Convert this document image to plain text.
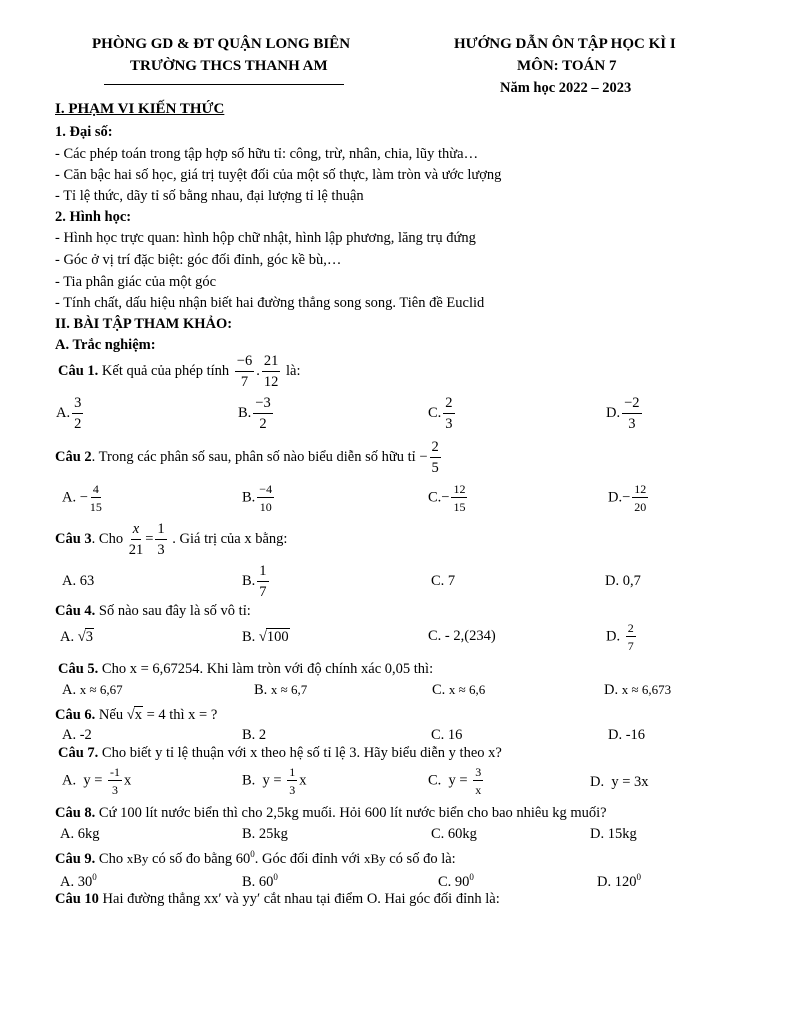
PHÒNG GD & ĐT QUẬN LONG BIÊN
TRƯỜNG THCS THANH AM
HƯỚNG DẪN ÔN TẬP HỌC KÌ I
MÔN: TOÁN 7
Năm học 2022 – 2023
I. PHẠM VI KIẾN THỨC
1. Đại số:
- Các phép toán trong tập hợp số hữu tỉ: công, trừ, nhân, chia, lũy thừa…
- Căn bậc hai số học, giá trị tuyệt đối của một số thực, làm tròn và ước lượng
- Tỉ lệ thức, dãy tỉ số bằng nhau, đại lượng tỉ lệ thuận
2. Hình học:
- Hình học trực quan: hình hộp chữ nhật, hình lập phương, lăng trụ đứng
- Góc ở vị trí đặc biệt: góc đối đỉnh, góc kề bù,…
- Tia phân giác của một góc
- Tính chất, dấu hiệu nhận biết hai đường thẳng song song. Tiên đề Euclid
II. BÀI TẬP THAM KHẢO:
A. Trắc nghiệm:
Câu 1. Kết quả của phép tính $\frac{-6}{7}$ . $\frac{21}{12}$ là:
A. $\frac{3}{2}$	B. $\frac{-3}{2}$	C. $\frac{2}{3}$	D. $\frac{-2}{3}$
Câu 2. Trong các phân số sau, phân số nào biểu diễn số hữu tỉ − $\frac{2}{5}$
A. − $\frac{4}{15}$	B. $\frac{-4}{10}$	$C.- \frac{12}{15}$	$D.- \frac{12}{20}$
Câu 3. Cho $\frac{x}{21} = \frac{1}{3}$ . Giá trị của x bằng:
A. 63	B. $\frac{1}{7}$	C. 7	D. 0,7
Câu 4. Số nào sau đây là số vô tỉ:
A. √3	B. √100	C. - 2,(234)	D. $\frac{2}{7}$
Câu 5. Cho x = 6,67254. Khi làm tròn với độ chính xác 0,05 thì:
A. x ≈ 6,67	B. x ≈ 6,7	C. x ≈ 6,6	D. x ≈ 6,673
Câu 6. Nếu √x = 4 thì x = ?
A. -2	B. 2	C. 16	D. -16
Câu 7. Cho biết y tỉ lệ thuận với x theo hệ số tỉ lệ 3. Hãy biểu diễn y theo x?
A. $y = \frac{-1}{3}$ x	B. $y = \frac{1}{3}$ x	C. $y = \frac{3}{x}$	D. y = 3x
Câu 8. Cứ 100 lít nước biển thì cho 2,5kg muối. Hỏi 600 lít nước biển cho bao nhiêu kg muối?
A. 6kg	B. 25kg	C. 60kg	D. 15kg
Câu 9. Cho xBy có số đo bằng $60^0$. Góc đối đỉnh với xBy có số đo là:
A. $30^0$	B. $60^0$	C. $90^0$	D. $120^0$
Câu 10 Hai đường thẳng xx′ và yy′ cắt nhau tại điểm O. Hai góc đối đỉnh là:
